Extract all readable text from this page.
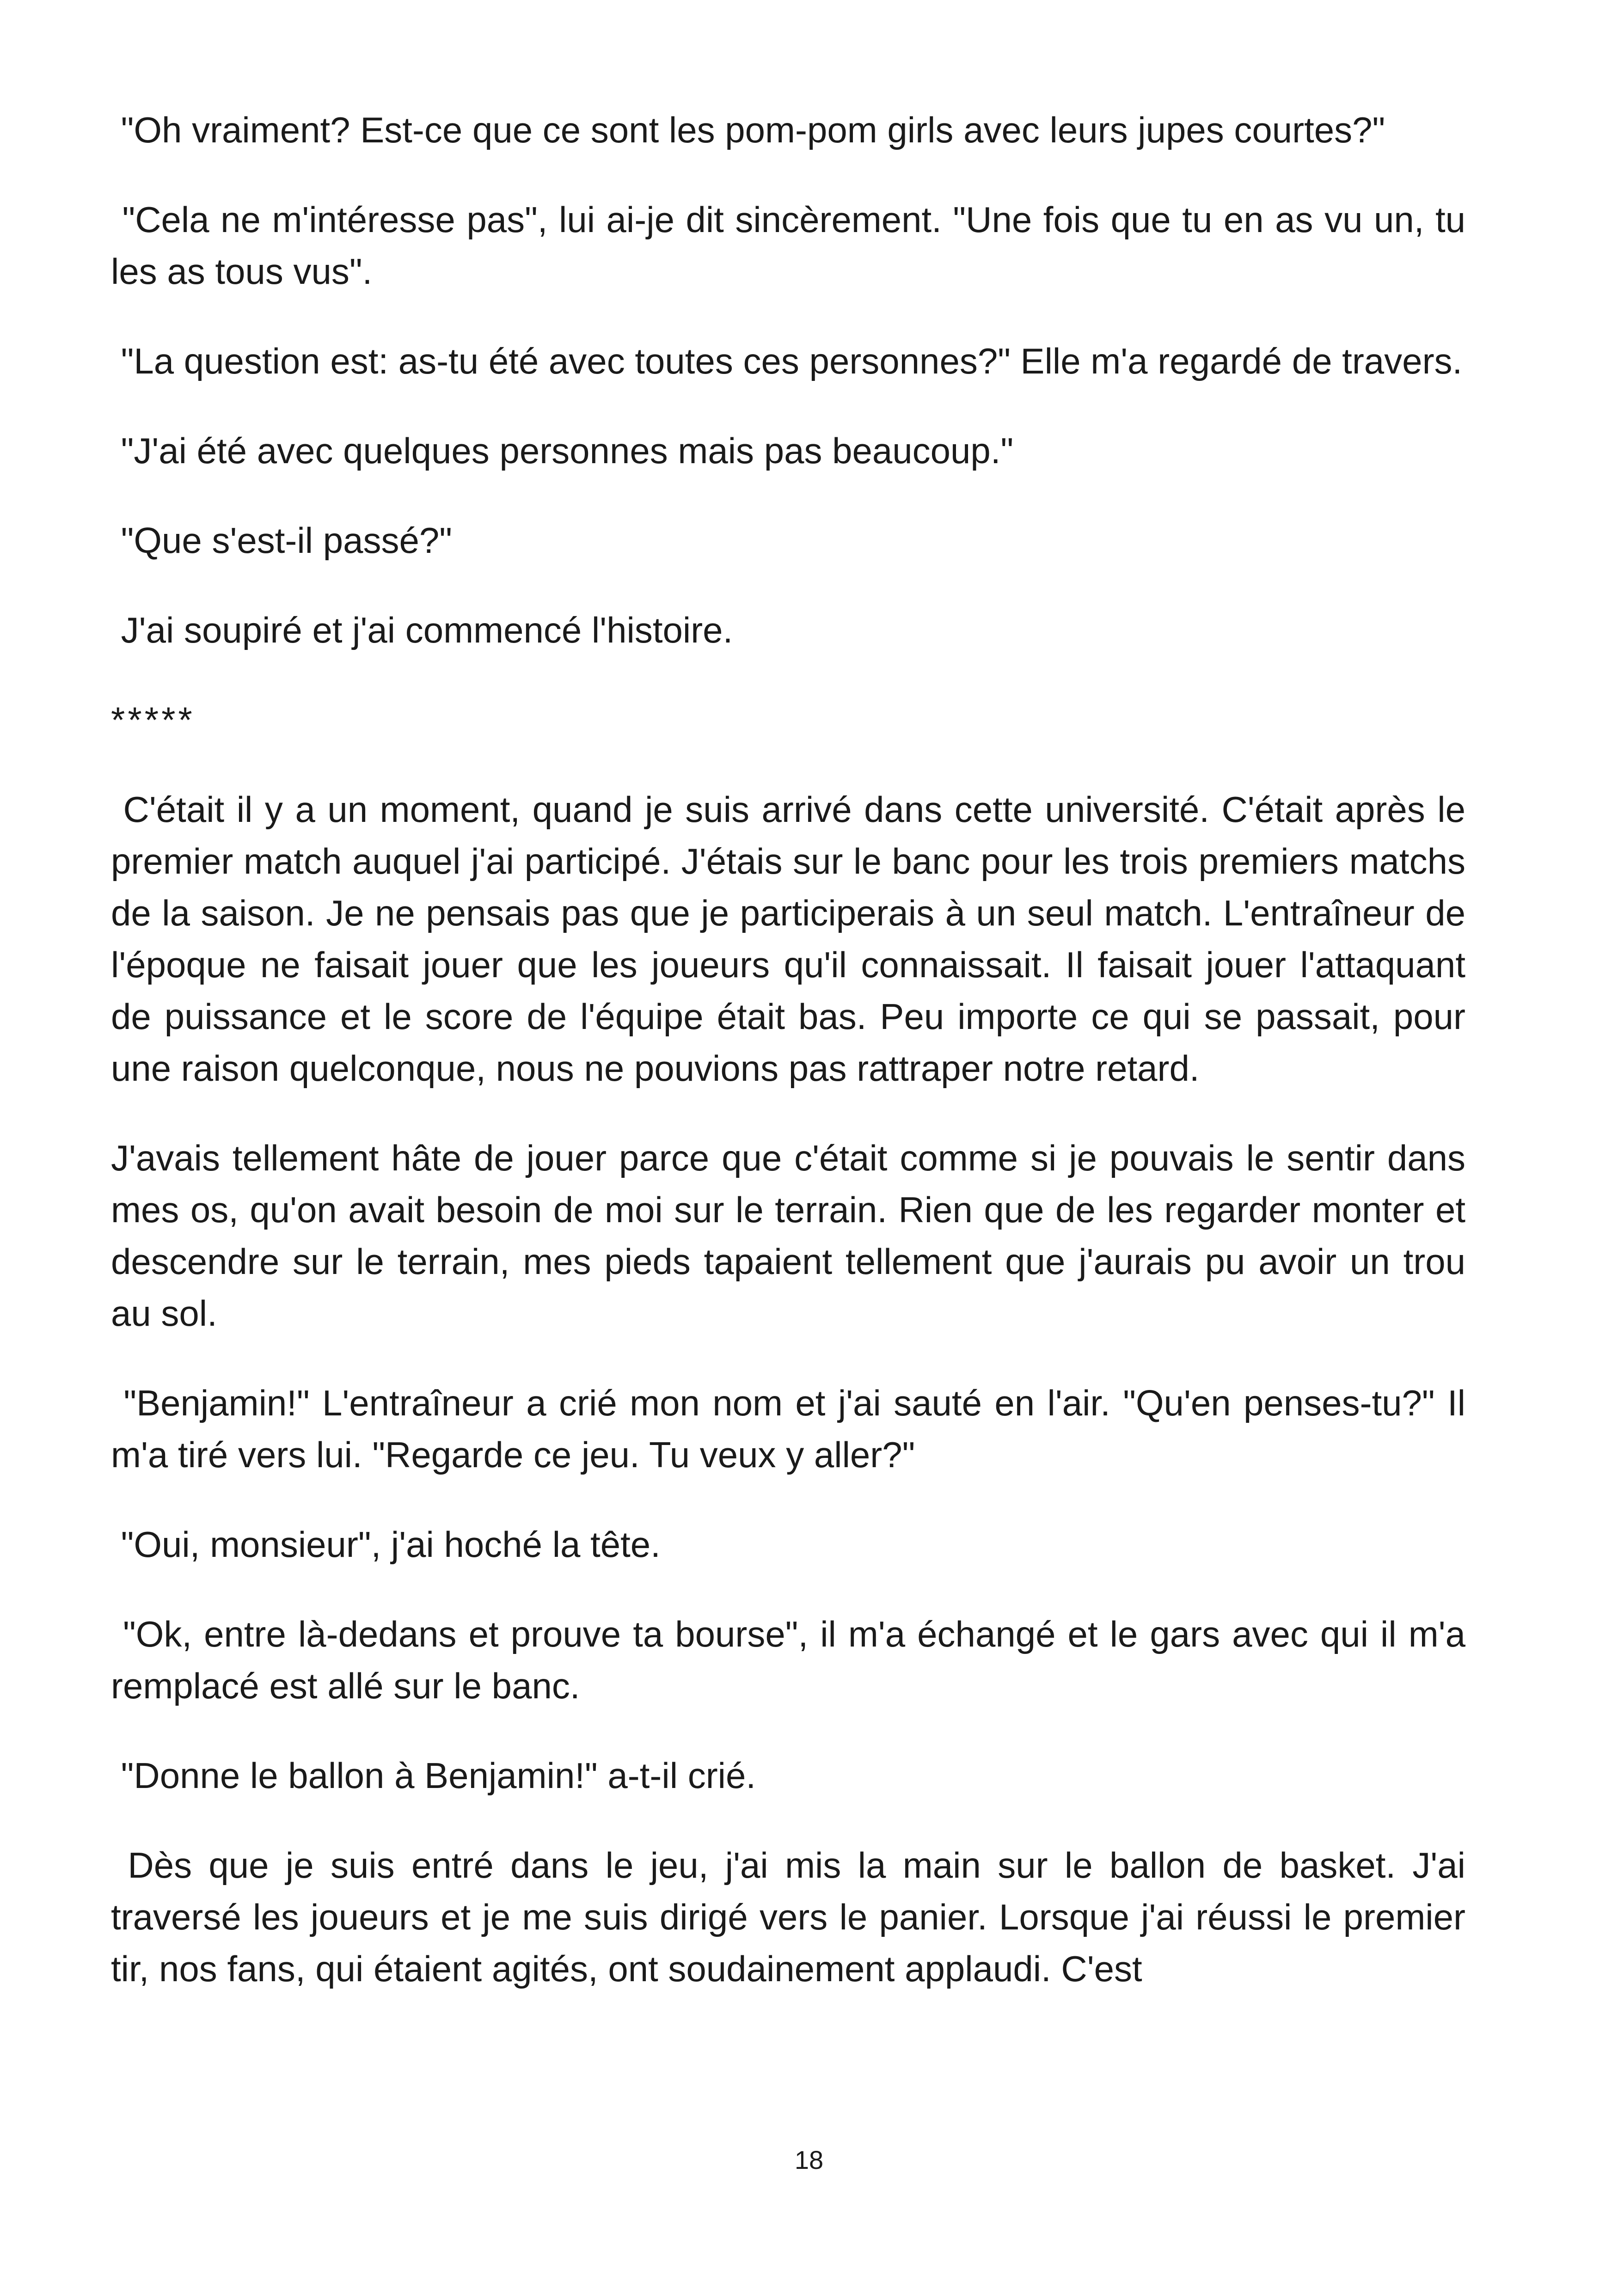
"Oh vraiment? Est-ce que ce sont les pom-pom girls avec leurs jupes courtes?"

"Cela ne m'intéresse pas", lui ai-je dit sincèrement. "Une fois que tu en as vu un, tu les as tous vus".

"La question est: as-tu été avec toutes ces personnes?" Elle m'a regardé de travers.

"J'ai été avec quelques personnes mais pas beaucoup."

"Que s'est-il passé?"

J'ai soupiré et j'ai commencé l'histoire.

*****

C'était il y a un moment, quand je suis arrivé dans cette université. C'était après le premier match auquel j'ai participé. J'étais sur le banc pour les trois premiers matchs de la saison. Je ne pensais pas que je participerais à un seul match. L'entraîneur de l'époque ne faisait jouer que les joueurs qu'il connaissait. Il faisait jouer l'attaquant de puissance et le score de l'équipe était bas. Peu importe ce qui se passait, pour une raison quelconque, nous ne pouvions pas rattraper notre retard.

J'avais tellement hâte de jouer parce que c'était comme si je pouvais le sentir dans mes os, qu'on avait besoin de moi sur le terrain. Rien que de les regarder monter et descendre sur le terrain, mes pieds tapaient tellement que j'aurais pu avoir un trou au sol.

"Benjamin!" L'entraîneur a crié mon nom et j'ai sauté en l'air. "Qu'en penses-tu?" Il m'a tiré vers lui. "Regarde ce jeu. Tu veux y aller?"

"Oui, monsieur", j'ai hoché la tête.

"Ok, entre là-dedans et prouve ta bourse", il m'a échangé et le gars avec qui il m'a remplacé est allé sur le banc.

"Donne le ballon à Benjamin!" a-t-il crié.

Dès que je suis entré dans le jeu, j'ai mis la main sur le ballon de basket. J'ai traversé les joueurs et je me suis dirigé vers le panier. Lorsque j'ai réussi le premier tir, nos fans, qui étaient agités, ont soudainement applaudi. C'est

18
